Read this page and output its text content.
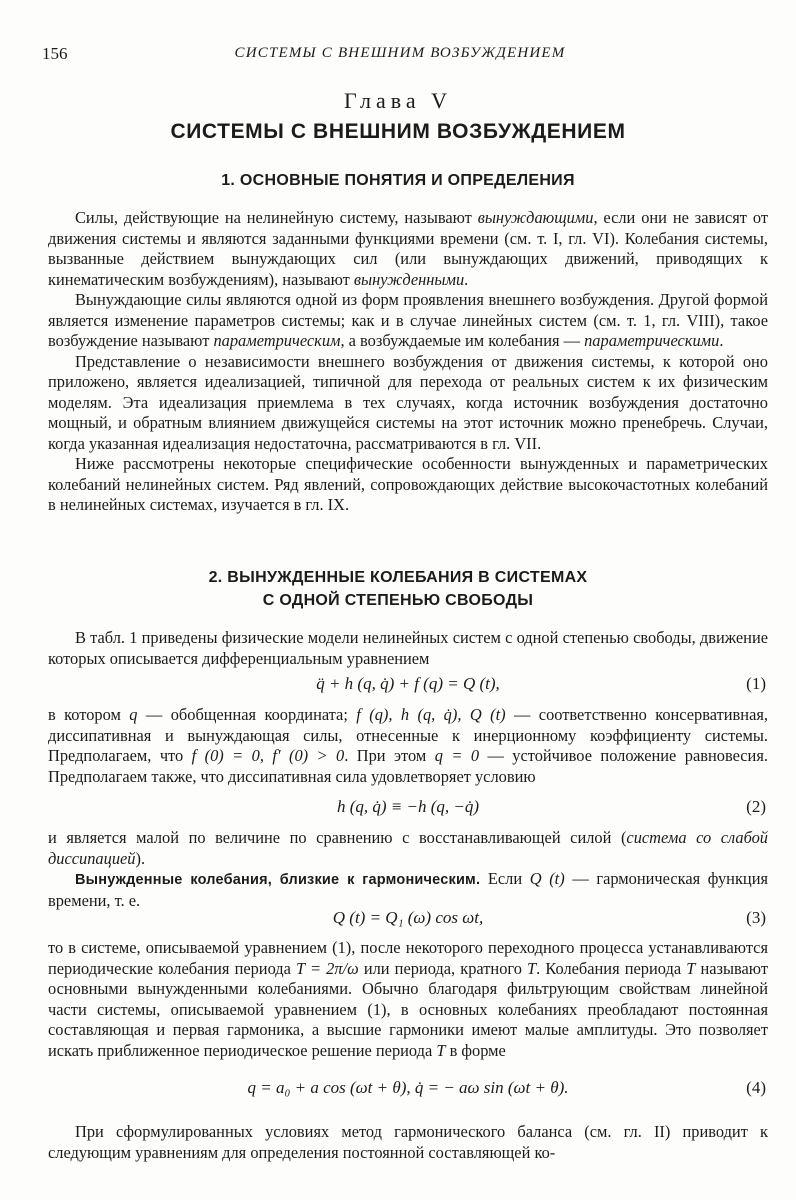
156	СИСТЕМЫ С ВНЕШНИМ ВОЗБУЖДЕНИЕМ
Глава V
СИСТЕМЫ С ВНЕШНИМ ВОЗБУЖДЕНИЕМ
1. ОСНОВНЫЕ ПОНЯТИЯ И ОПРЕДЕЛЕНИЯ

Силы, действующие на нелинейную систему, называют вынуждающими, если они не зависят от движения системы и являются заданными функциями времени (см. т. I, гл. VI). Колебания системы, вызванные действием вынуждающих сил (или вынуждающих движений, приводящих к кинематическим возбуждениям), называют вынужденными.

Вынуждающие силы являются одной из форм проявления внешнего возбуждения. Другой формой является изменение параметров системы; как и в случае линейных систем (см. т. 1, гл. VIII), такое возбуждение называют параметрическим, а возбуждаемые им колебания — параметрическими.

Представление о независимости внешнего возбуждения от движения системы, к которой оно приложено, является идеализацией, типичной для перехода от реальных систем к их физическим моделям. Эта идеализация приемлема в тех случаях, когда источник возбуждения достаточно мощный, и обратным влиянием движущейся системы на этот источник можно пренебречь. Случаи, когда указанная идеализация недостаточна, рассматриваются в гл. VII.

Ниже рассмотрены некоторые специфические особенности вынужденных и параметрических колебаний нелинейных систем. Ряд явлений, сопровождающих действие высокочастотных колебаний в нелинейных системах, изучается в гл. IX.

2. ВЫНУЖДЕННЫЕ КОЛЕБАНИЯ В СИСТЕМАХ
С ОДНОЙ СТЕПЕНЬЮ СВОБОДЫ

В табл. 1 приведены физические модели нелинейных систем с одной степенью свободы, движение которых описывается дифференциальным уравнением

q̈ + h (q, q̇) + f (q) = Q (t),	(1)

в котором q — обобщенная координата; f (q), h (q, q̇), Q (t) — соответственно консервативная, диссипативная и вынуждающая силы, отнесенные к инерционному коэффициенту системы. Предполагаем, что f (0) = 0, f′ (0) > 0. При этом q = 0 — устойчивое положение равновесия. Предполагаем также, что диссипативная сила удовлетворяет условию

h (q, q̇) ≡ −h (q, −q̇)	(2)

и является малой по величине по сравнению с восстанавливающей силой (система со слабой диссипацией).

Вынужденные колебания, близкие к гармоническим. Если Q (t) — гармоническая функция времени, т. е.

Q (t) = Q₁ (ω) cos ωt,	(3)

то в системе, описываемой уравнением (1), после некоторого переходного процесса устанавливаются периодические колебания периода T = 2π/ω или периода, кратного T. Колебания периода T называют основными вынужденными колебаниями. Обычно благодаря фильтрующим свойствам линейной части системы, описываемой уравнением (1), в основных колебаниях преобладают постоянная составляющая и первая гармоника, а высшие гармоники имеют малые амплитуды. Это позволяет искать приближенное периодическое решение периода T в форме

q = a₀ + a cos (ωt + θ), q̇ = − aω sin (ωt + θ).	(4)

При сформулированных условиях метод гармонического баланса (см. гл. II) приводит к следующим уравнениям для определения постоянной составляющей ко-
